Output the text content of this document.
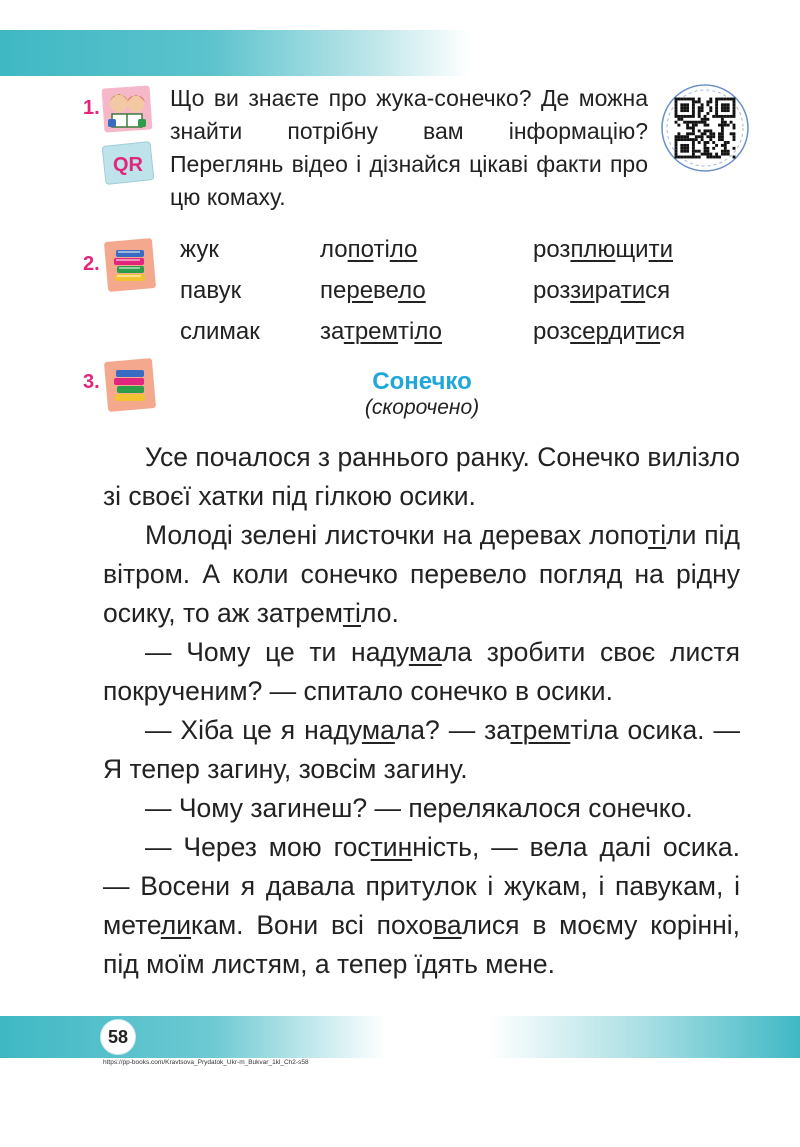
1.
QR
Що ви знаєте про жука-сонечко? Де можна знайти потрібну вам інформацію? Переглянь відео і дізнайся цікаві факти про цю комаху.
2.
жук
павук
слимак
лопотіло
перевело
затремтіло
розплющити
роззиратися
розсердитися
3.	Сонечко
(скорочено)

Усе почалося з раннього ранку. Сонечко вилізло зі своєї хатки під гілкою осики.

Молоді зелені листочки на деревах лопотіли під вітром. А коли сонечко перевело погляд на рідну осику, то аж затремтіло.

— Чому це ти надумала зробити своє листя покрученим? — спитало сонечко в осики.

— Хіба це я надумала? — затремтіла осика. — Я тепер загину, зовсім загину.

— Чому загинеш? — перелякалося сонечко.

— Через мою гостинність, — вела далі осика. — Восени я давала притулок і жукам, і павукам, і метеликам. Вони всі поховалися в моєму корінні, під моїм листям, а тепер їдять мене.

58
https://pp-books.com/Kravtsova_Prydatok_Ukr-m_Bukvar_1kl_Ch2-s58
